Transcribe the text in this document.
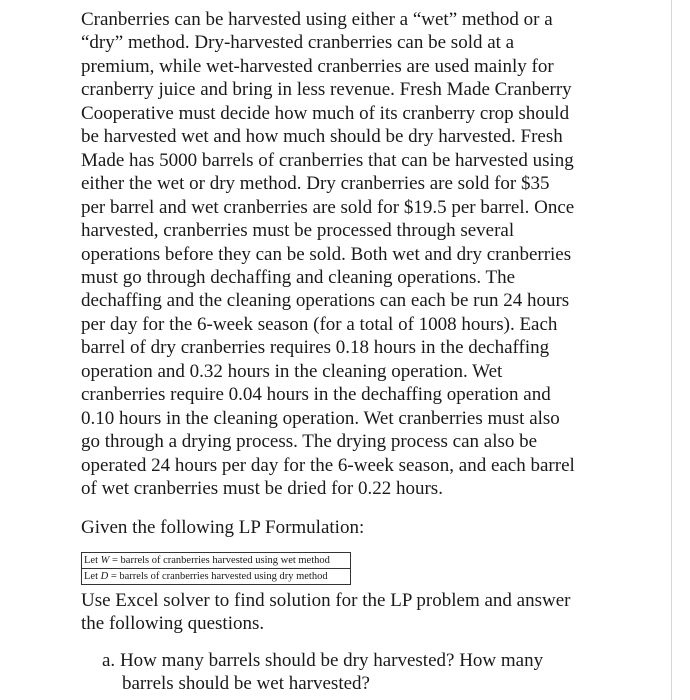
Cranberries can be harvested using either a “wet” method or a
“dry” method. Dry-harvested cranberries can be sold at a
premium, while wet-harvested cranberries are used mainly for
cranberry juice and bring in less revenue. Fresh Made Cranberry
Cooperative must decide how much of its cranberry crop should
be harvested wet and how much should be dry harvested. Fresh
Made has 5000 barrels of cranberries that can be harvested using
either the wet or dry method. Dry cranberries are sold for $35
per barrel and wet cranberries are sold for $19.5 per barrel. Once
harvested, cranberries must be processed through several
operations before they can be sold. Both wet and dry cranberries
must go through dechaffing and cleaning operations. The
dechaffing and the cleaning operations can each be run 24 hours
per day for the 6-week season (for a total of 1008 hours). Each
barrel of dry cranberries requires 0.18 hours in the dechaffing
operation and 0.32 hours in the cleaning operation. Wet
cranberries require 0.04 hours in the dechaffing operation and
0.10 hours in the cleaning operation. Wet cranberries must also
go through a drying process. The drying process can also be
operated 24 hours per day for the 6-week season, and each barrel
of wet cranberries must be dried for 0.22 hours.

Given the following LP Formulation:

Let W = barrels of cranberries harvested using wet method
Let D = barrels of cranberries harvested using dry method

Use Excel solver to find solution for the LP problem and answer
the following questions.

a. How many barrels should be dry harvested? How many
barrels should be wet harvested?
